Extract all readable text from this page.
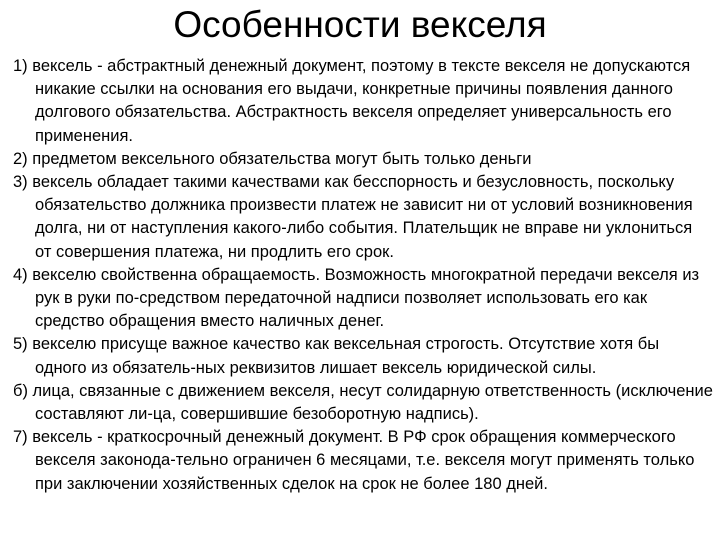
Особенности векселя
1) вексель - абстрактный денежный документ, поэтому в тексте векселя не допускаются никакие ссылки на основания его выдачи, конкретные причины появления данного долгового обязательства. Абстрактность векселя определяет универсальность его применения.
2) предметом вексельного обязательства могут быть только деньги
3) вексель обладает такими качествами как бесспорность и безусловность, поскольку обязательство должника произвести платеж не зависит ни от условий возникновения долга, ни от наступления какого-либо события. Плательщик не вправе ни уклониться от совершения платежа, ни продлить его срок.
4) векселю свойственна обращаемость. Возможность многократной передачи векселя из рук в руки по-средством передаточной надписи позволяет использовать его как средство обращения вместо наличных денег.
5) векселю присуще важное качество как вексельная строгость. Отсутствие хотя бы одного из обязатель-ных реквизитов лишает вексель юридической силы.
б) лица, связанные с движением векселя, несут солидарную ответственность (исключение составляют ли-ца, совершившие безоборотную надпись).
7) вексель - краткосрочный денежный документ. В РФ срок обращения коммерческого векселя законода-тельно ограничен 6 месяцами, т.е. векселя могут применять только при заключении хозяйственных сделок на срок не более 180 дней.
